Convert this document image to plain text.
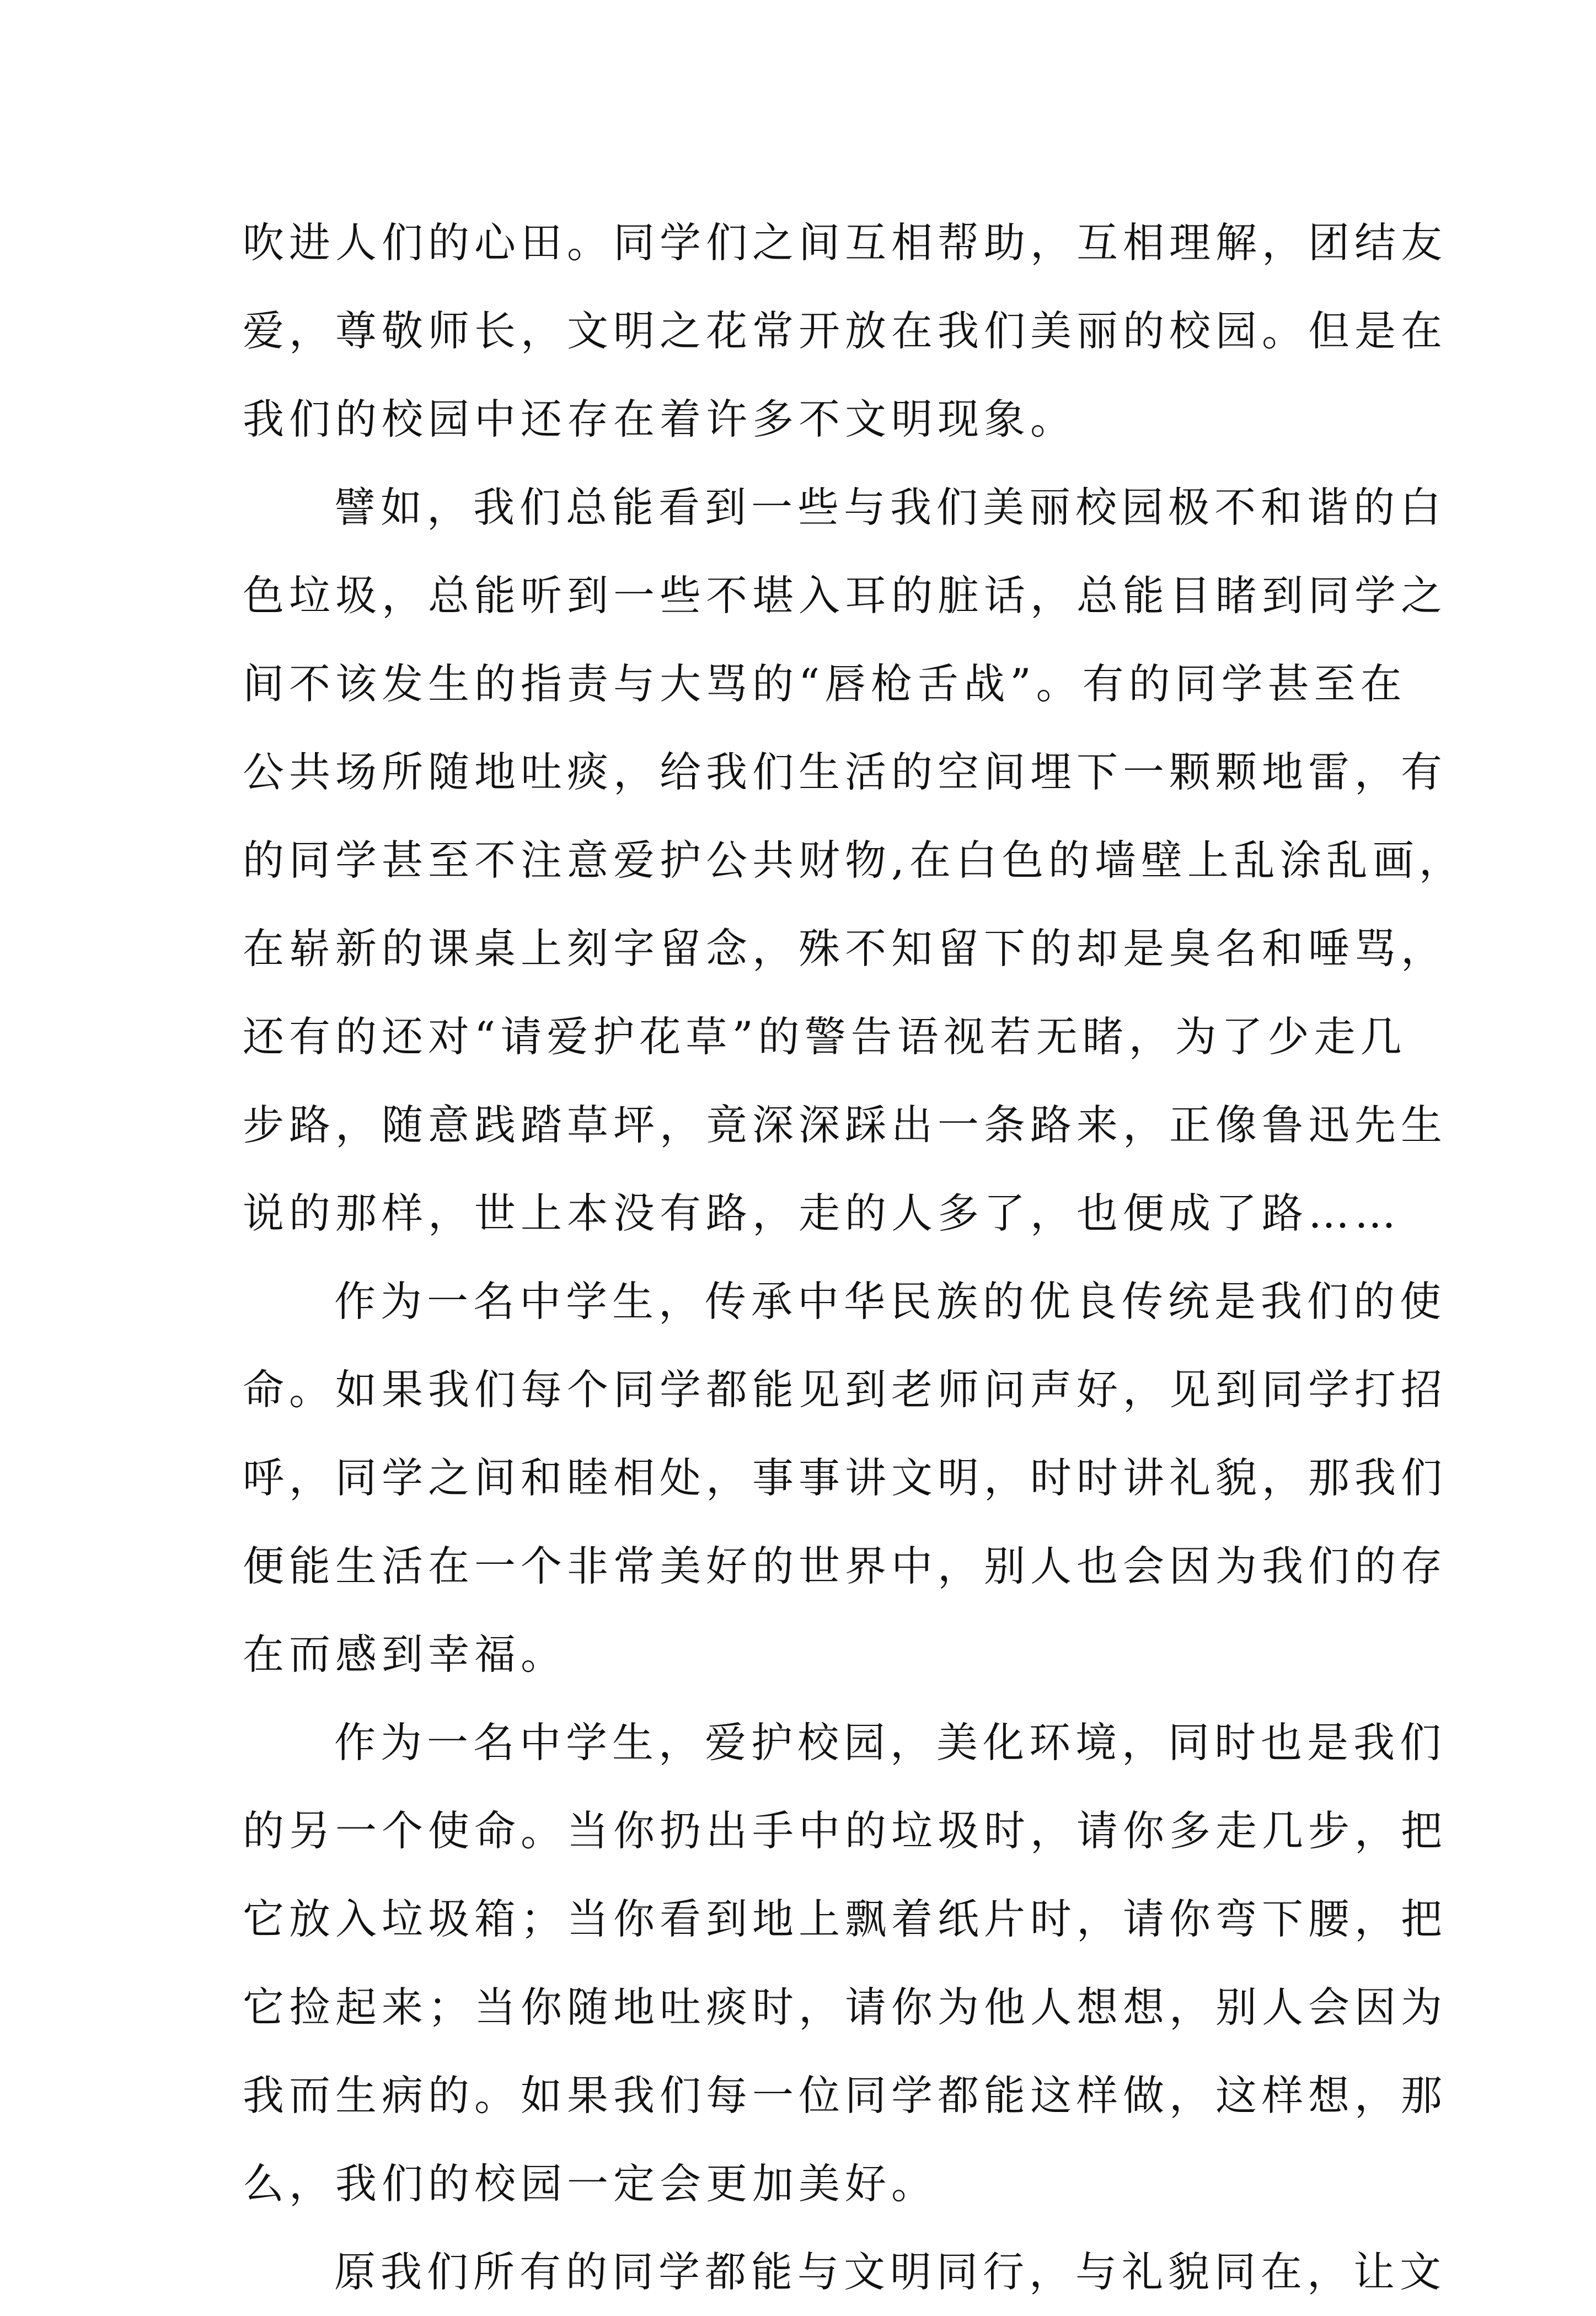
吹进人们的心田。同学们之间互相帮助，互相理解，团结友
爱，尊敬师长，文明之花常开放在我们美丽的校园。但是在
我们的校园中还存在着许多不文明现象。
譬如，我们总能看到一些与我们美丽校园极不和谐的白
色垃圾，总能听到一些不堪入耳的脏话，总能目睹到同学之
间不该发生的指责与大骂的“唇枪舌战”。有的同学甚至在
公共场所随地吐痰，给我们生活的空间埋下一颗颗地雷，有
的同学甚至不注意爱护公共财物,在白色的墙壁上乱涂乱画，
在崭新的课桌上刻字留念，殊不知留下的却是臭名和唾骂，
还有的还对“请爱护花草”的警告语视若无睹，为了少走几
步路，随意践踏草坪，竟深深踩出一条路来，正像鲁迅先生
说的那样，世上本没有路，走的人多了，也便成了路……
作为一名中学生，传承中华民族的优良传统是我们的使
命。如果我们每个同学都能见到老师问声好，见到同学打招
呼，同学之间和睦相处，事事讲文明，时时讲礼貌，那我们
便能生活在一个非常美好的世界中，别人也会因为我们的存
在而感到幸福。
作为一名中学生，爱护校园，美化环境，同时也是我们
的另一个使命。当你扔出手中的垃圾时，请你多走几步，把
它放入垃圾箱；当你看到地上飘着纸片时，请你弯下腰，把
它捡起来；当你随地吐痰时，请你为他人想想，别人会因为
我而生病的。如果我们每一位同学都能这样做，这样想，那
么，我们的校园一定会更加美好。
原我们所有的同学都能与文明同行，与礼貌同在，让文
